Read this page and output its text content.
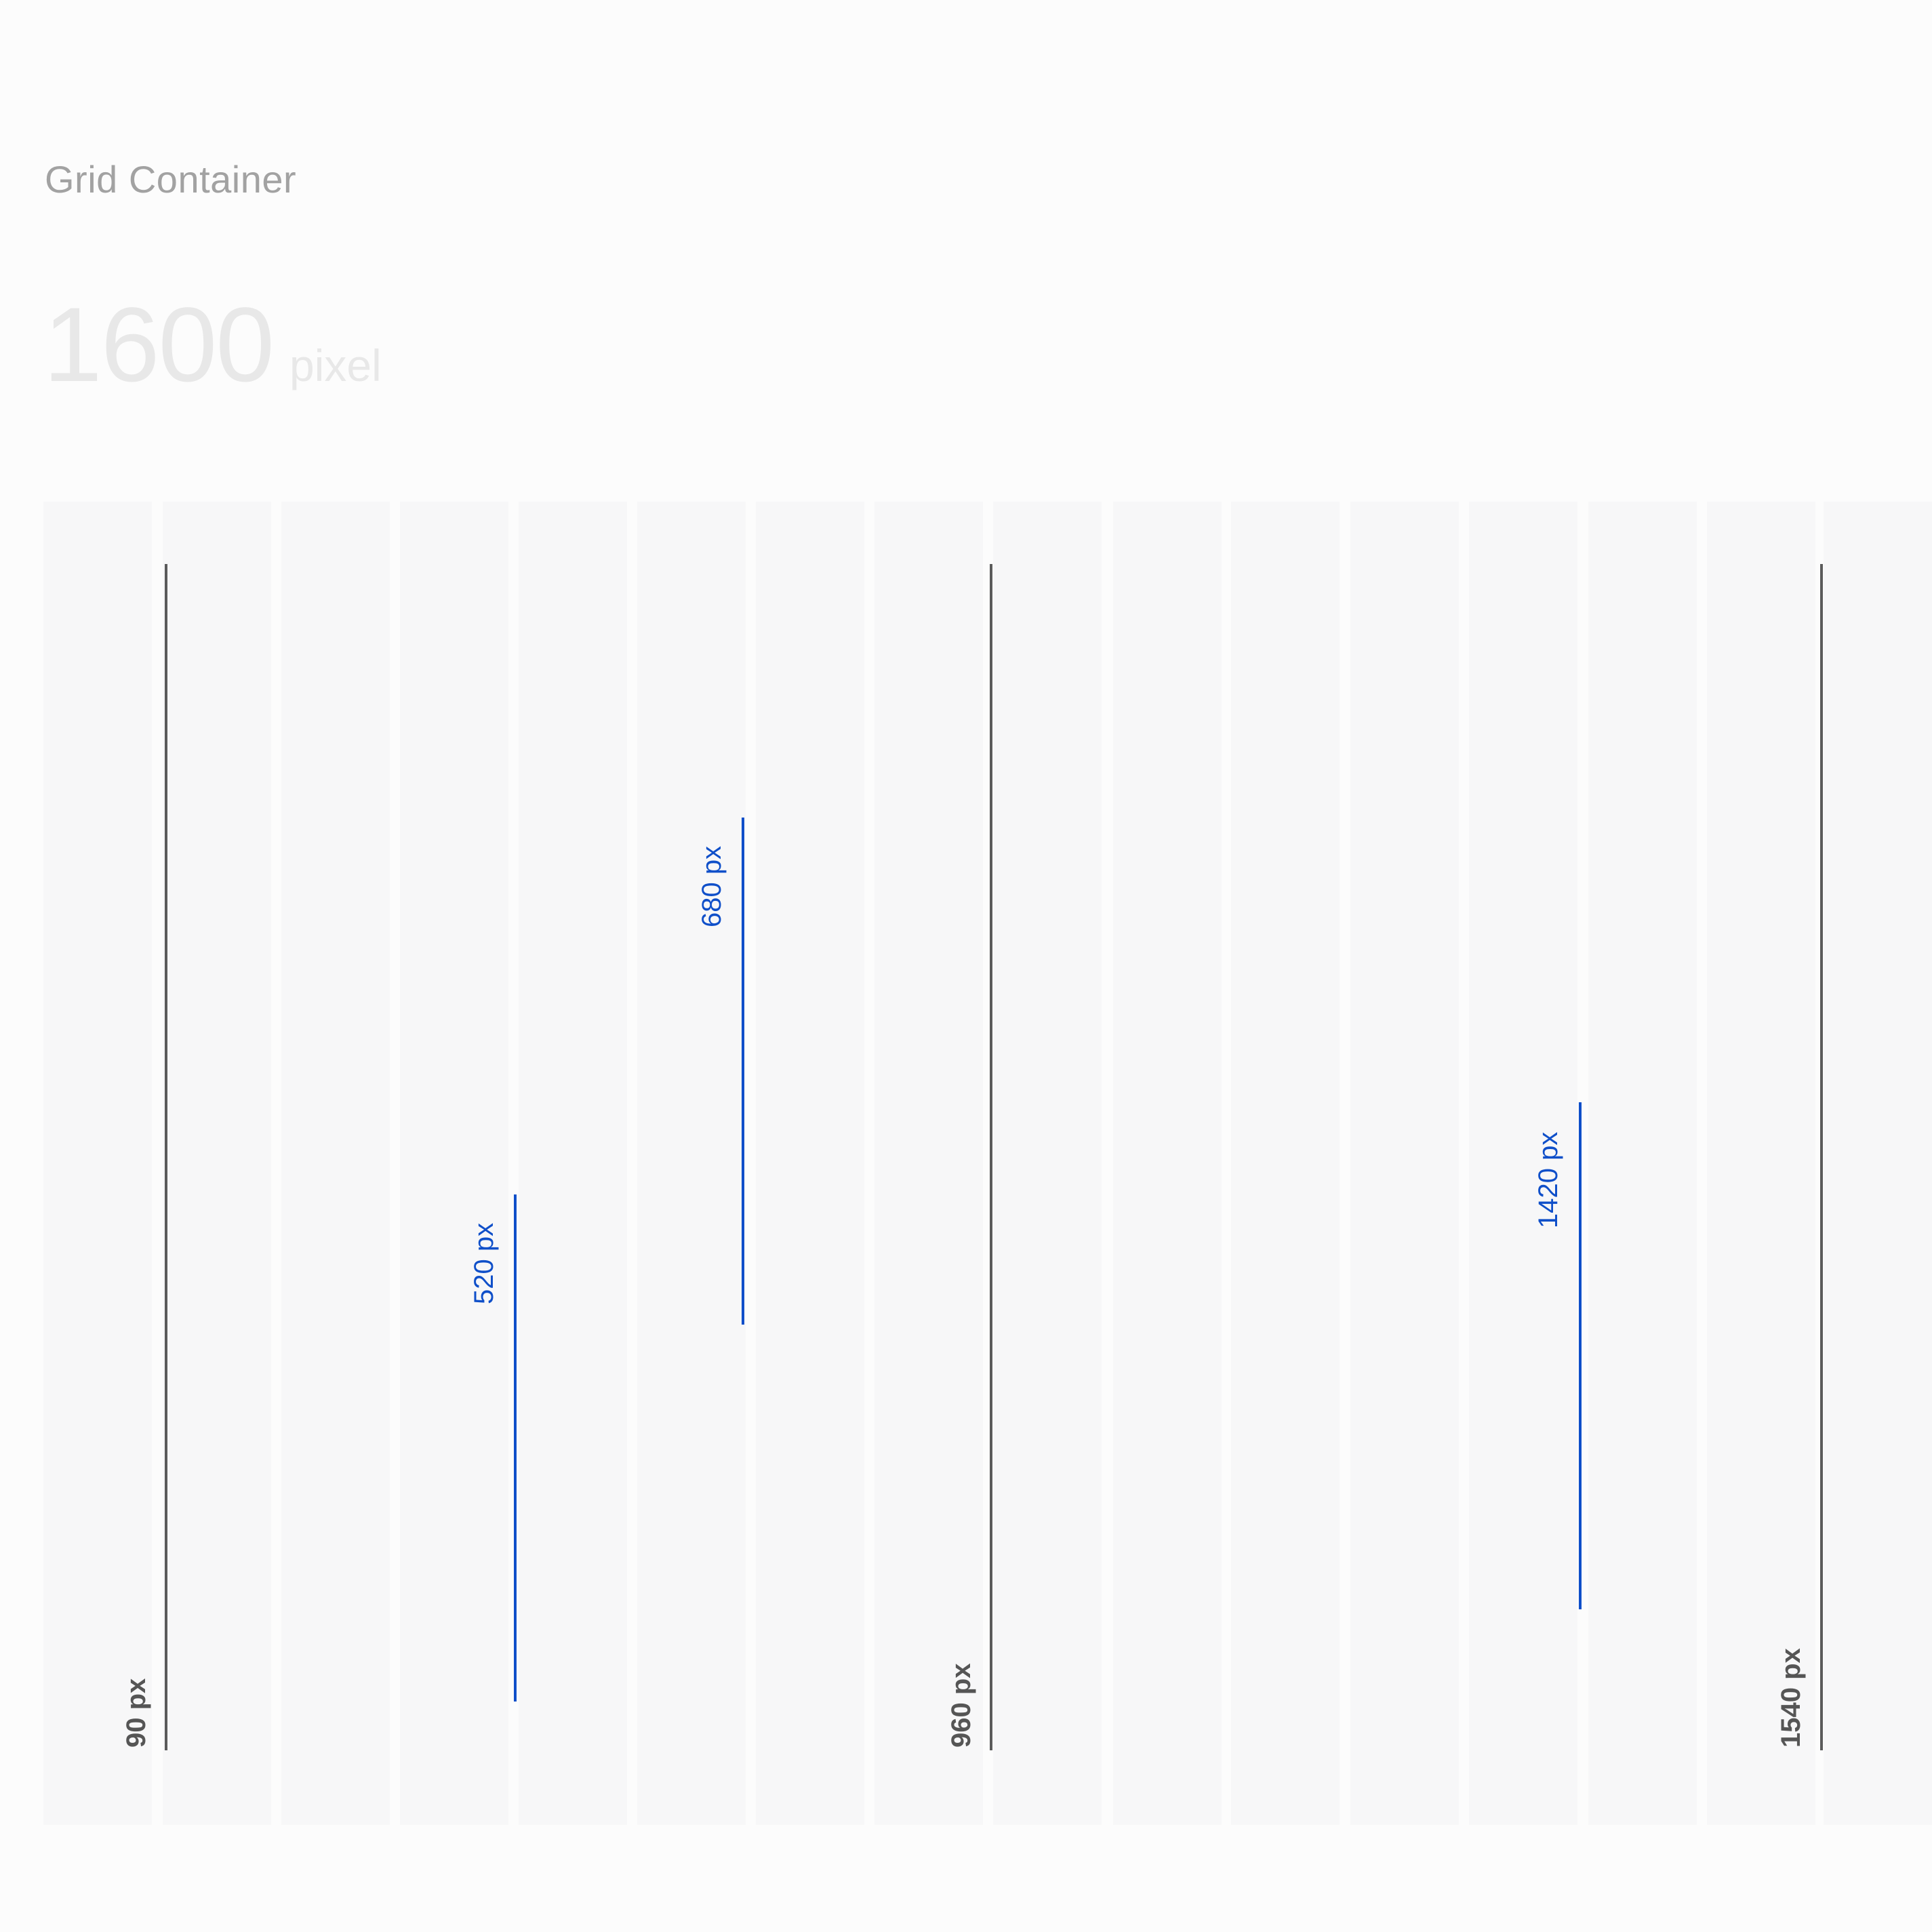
Grid Container
1600 pixel
90 px
520 px
680 px
960 px
1420 px
1540 px
